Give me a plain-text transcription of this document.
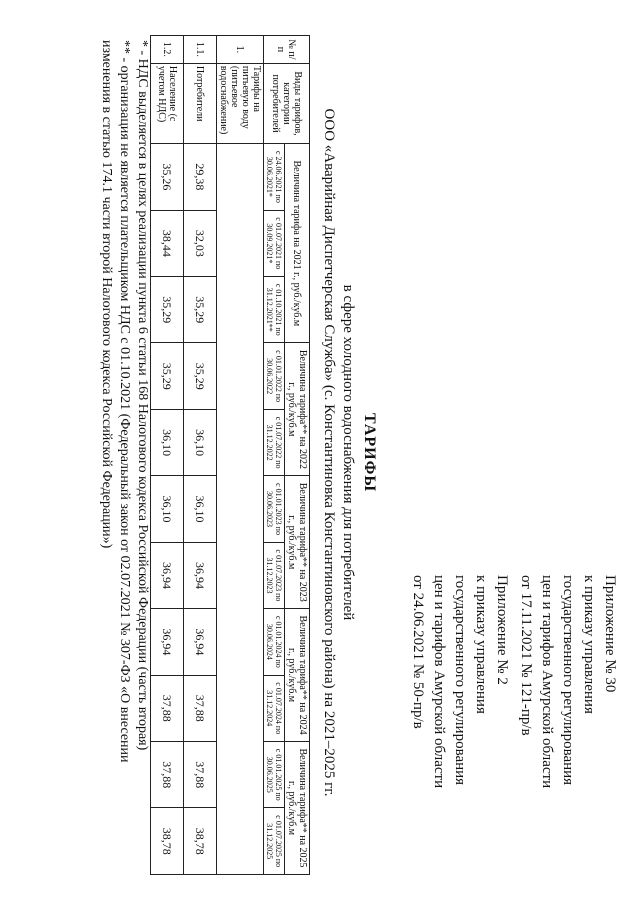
Приложение № 30
к приказу управления
государственного регулирования
цен и тарифов Амурской области
от 17.11.2021 № 121-пр/в
Приложение № 2
к приказу управления
государственного регулирования
цен и тарифов Амурской области
от 24.06.2021 № 50-пр/в
ТАРИФЫ
в сфере холодного водоснабжения для потребителей
ООО «Аварийная Диспетчерская Служба» (с. Константиновка Константиновского района) на 2021–2025 гг.
№ п/п	Виды тарифов, категории потребителей	Величина тарифа на 2021 г., руб./куб.м			Величина тарифа** на 2022 г., руб./куб.м		Величина тарифа** на 2023 г., руб./куб.м		Величина тарифа** на 2024 г., руб./куб.м		Величина тарифа** на 2025 г., руб./куб.м	
		с 24.06.2021 по 30.06.2021*	с 01.07.2021 по 30.09.2021*	с 01.10.2021 по 31.12.2021**	с 01.01.2022 по 30.06.2022	с 01.07.2022 по 31.12.2022	с 01.01.2023 по 30.06.2023	с 01.07.2023 по 31.12.2023	с 01.01.2024 по 30.06.2024	с 01.07.2024 по 31.12.2024	с 01.01.2025 по 30.06.2025	с 01.07.2025 по 31.12.2025
1.	Тарифы на питьевую воду (питьевое водоснабжение)											
1.1.	Потребители	29,38	32,03	35,29	35,29	36,10	36,10	36,94	36,94	37,88	37,88	38,78
1.2.	Население (с учетом НДС)	35,26	38,44	35,29	35,29	36,10	36,10	36,94	36,94	37,88	37,88	38,78
* - НДС выделяется в целях реализации пункта 6 статьи 168 Налогового кодекса Российской Федерации (часть вторая)
** - организация не является плательщиком НДС с 01.10.2021 (Федеральный закон от 02.07.2021 № 307-ФЗ «О внесении
изменения в статью 174.1 части второй Налогового кодекса Российской Федерации»)
